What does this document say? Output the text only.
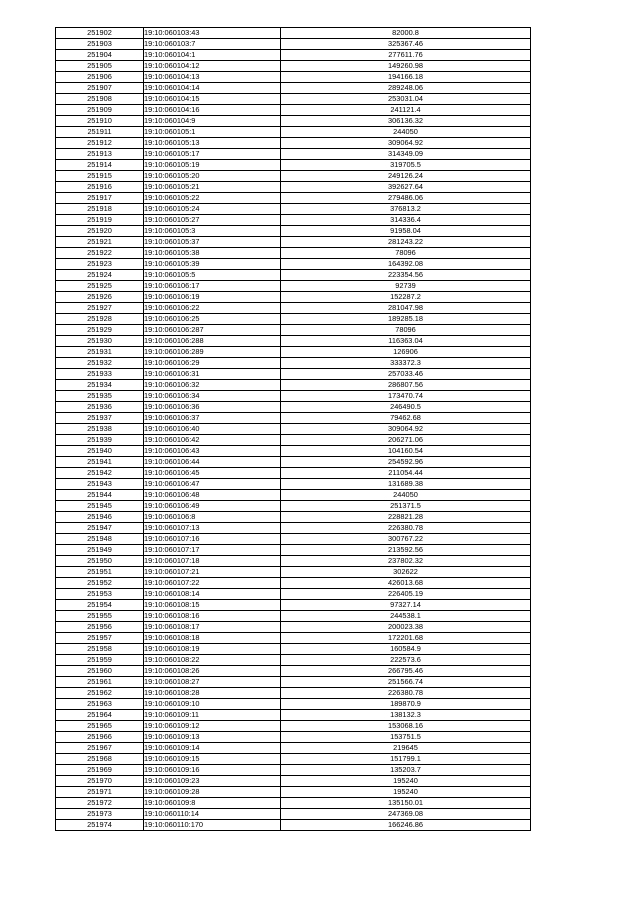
251902	19:10:060103:43	82000.8
251903	19:10:060103:7	325367.46
251904	19:10:060104:1	277611.76
251905	19:10:060104:12	149260.98
251906	19:10:060104:13	194166.18
251907	19:10:060104:14	289248.06
251908	19:10:060104:15	253031.04
251909	19:10:060104:16	241121.4
251910	19:10:060104:9	306136.32
251911	19:10:060105:1	244050
251912	19:10:060105:13	309064.92
251913	19:10:060105:17	314349.09
251914	19:10:060105:19	319705.5
251915	19:10:060105:20	249126.24
251916	19:10:060105:21	392627.64
251917	19:10:060105:22	279486.06
251918	19:10:060105:24	376813.2
251919	19:10:060105:27	314336.4
251920	19:10:060105:3	91958.04
251921	19:10:060105:37	281243.22
251922	19:10:060105:38	78096
251923	19:10:060105:39	164392.08
251924	19:10:060105:5	223354.56
251925	19:10:060106:17	92739
251926	19:10:060106:19	152287.2
251927	19:10:060106:22	281047.98
251928	19:10:060106:25	189285.18
251929	19:10:060106:287	78096
251930	19:10:060106:288	116363.04
251931	19:10:060106:289	126906
251932	19:10:060106:29	333372.3
251933	19:10:060106:31	257033.46
251934	19:10:060106:32	286807.56
251935	19:10:060106:34	173470.74
251936	19:10:060106:36	246490.5
251937	19:10:060106:37	79462.68
251938	19:10:060106:40	309064.92
251939	19:10:060106:42	206271.06
251940	19:10:060106:43	104160.54
251941	19:10:060106:44	254592.96
251942	19:10:060106:45	211054.44
251943	19:10:060106:47	131689.38
251944	19:10:060106:48	244050
251945	19:10:060106:49	251371.5
251946	19:10:060106:8	228821.28
251947	19:10:060107:13	226380.78
251948	19:10:060107:16	300767.22
251949	19:10:060107:17	213592.56
251950	19:10:060107:18	237802.32
251951	19:10:060107:21	302622
251952	19:10:060107:22	426013.68
251953	19:10:060108:14	226405.19
251954	19:10:060108:15	97327.14
251955	19:10:060108:16	244538.1
251956	19:10:060108:17	200023.38
251957	19:10:060108:18	172201.68
251958	19:10:060108:19	160584.9
251959	19:10:060108:22	222573.6
251960	19:10:060108:26	266795.46
251961	19:10:060108:27	251566.74
251962	19:10:060108:28	226380.78
251963	19:10:060109:10	189870.9
251964	19:10:060109:11	138132.3
251965	19:10:060109:12	153068.16
251966	19:10:060109:13	153751.5
251967	19:10:060109:14	219645
251968	19:10:060109:15	151799.1
251969	19:10:060109:16	135203.7
251970	19:10:060109:23	195240
251971	19:10:060109:28	195240
251972	19:10:060109:8	135150.01
251973	19:10:060110:14	247369.08
251974	19:10:060110:170	166246.86
